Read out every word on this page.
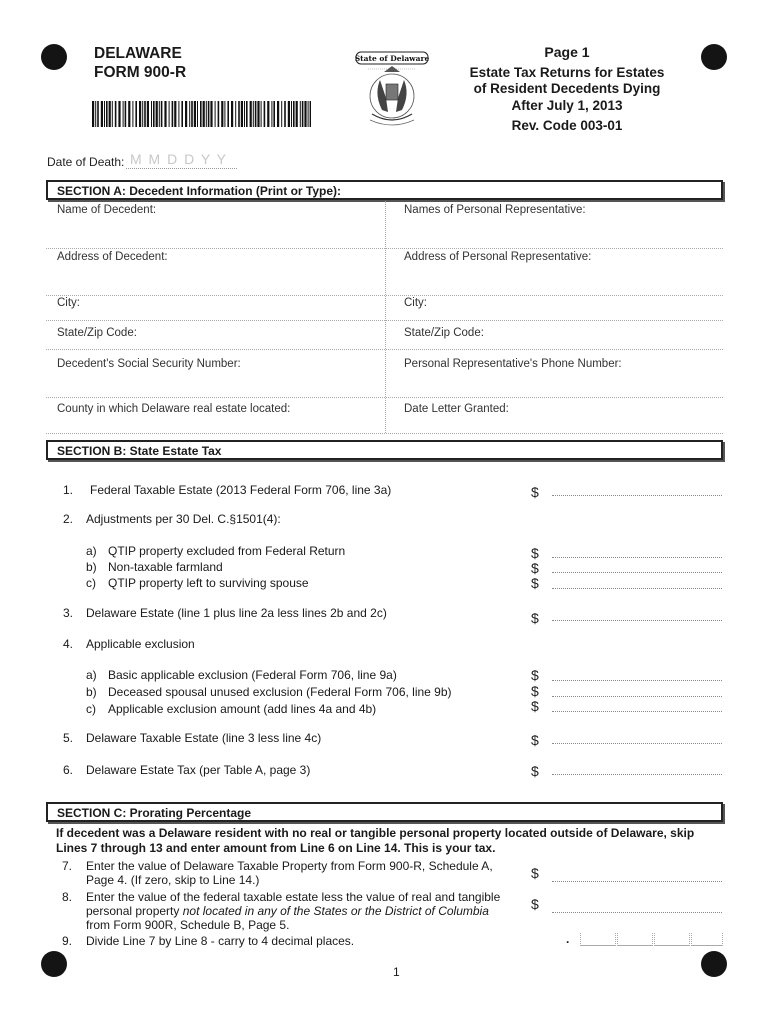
DELAWARE
FORM 900-R
State of Delaware	Page 1
Estate Tax Returns for Estates
of Resident Decedents Dying
After July 1, 2013
Rev. Code 003-01
Date of Death: M M D D Y Y
SECTION A: Decedent Information (Print or Type):
Name of Decedent:	Names of Personal Representative:
Address of Decedent:	Address of Personal Representative:
City:	City:
State/Zip Code:	State/Zip Code:
Decedent's Social Security Number:	Personal Representative's Phone Number:
County in which Delaware real estate located:	Date Letter Granted:
SECTION B: State Estate Tax
1. Federal Taxable Estate (2013 Federal Form 706, line 3a)	$
2. Adjustments per 30 Del. C.§1501(4):
a) QTIP property excluded from Federal Return	$
b) Non-taxable farmland	$
c) QTIP property left to surviving spouse	$
3. Delaware Estate (line 1 plus line 2a less lines 2b and 2c)	$
4. Applicable exclusion
a) Basic applicable exclusion (Federal Form 706, line 9a)	$
b) Deceased spousal unused exclusion (Federal Form 706, line 9b)	$
c) Applicable exclusion amount (add lines 4a and 4b)	$
5. Delaware Taxable Estate (line 3 less line 4c)	$
6. Delaware Estate Tax (per Table A, page 3)	$
SECTION C: Prorating Percentage
If decedent was a Delaware resident with no real or tangible personal property located outside of Delaware, skip Lines 7 through 13 and enter amount from Line 6 on Line 14. This is your tax.
7. Enter the value of Delaware Taxable Property from Form 900-R, Schedule A,
Page 4. (If zero, skip to Line 14.)	$
8. Enter the value of the federal taxable estate less the value of real and tangible
personal property not located in any of the States or the District of Columbia
from Form 900R, Schedule B, Page 5.
$
9. Divide Line 7 by Line 8 - carry to 4 decimal places.	.
1
